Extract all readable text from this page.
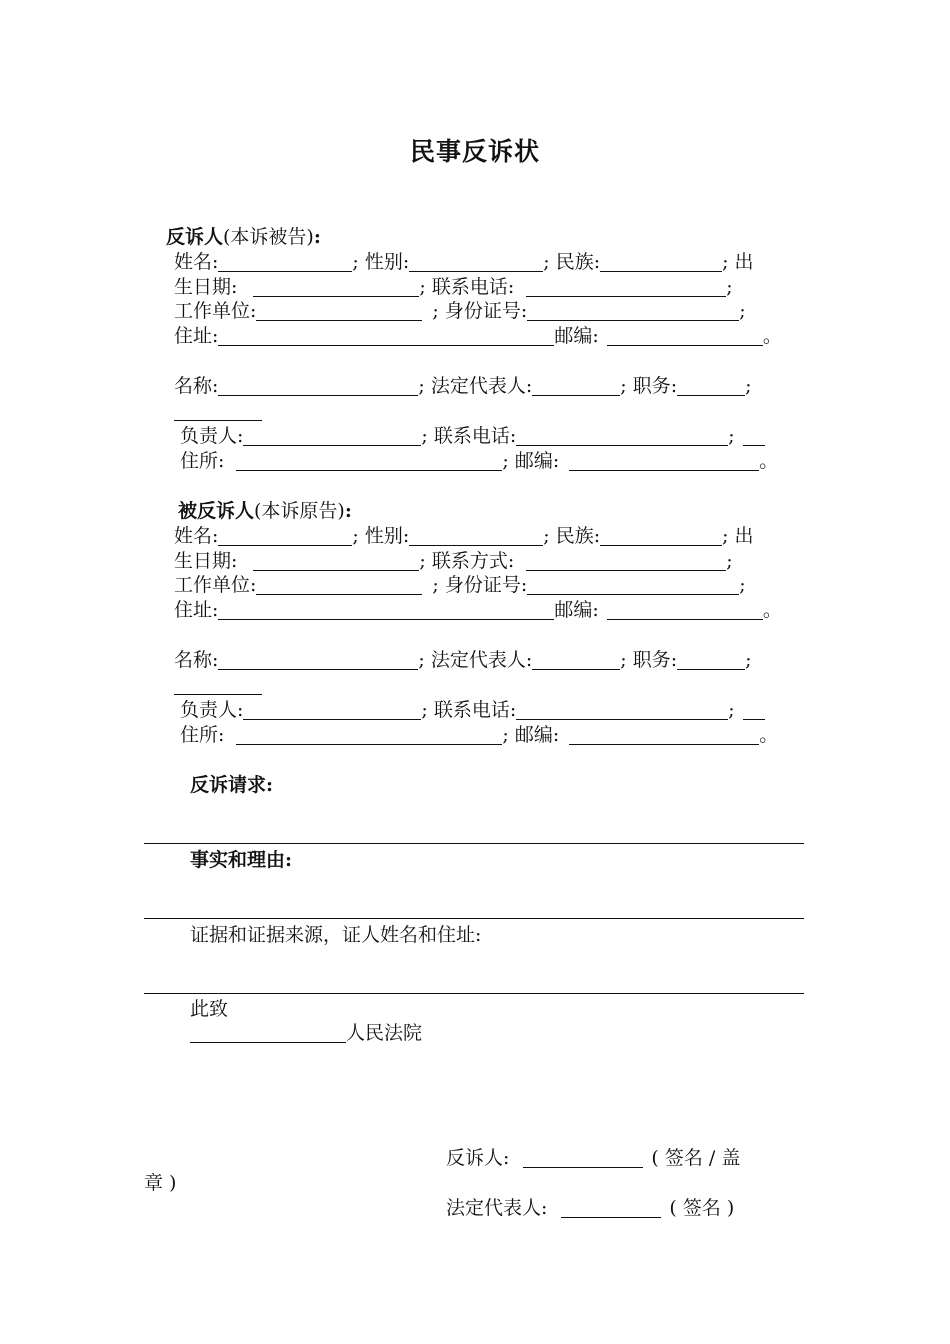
民事反诉状
反诉人(本诉被告):
姓名:	; 性别:	; 民族:	; 出
生日期:	; 联系电话:	;
工作单位:	; 身份证号:	;
住址:	邮编:	。
名称:	; 法定代表人:	; 职务:	;
负责人:	; 联系电话:	;
住所:	; 邮编:	。
被反诉人(本诉原告):
姓名:	; 性别:	; 民族:	; 出
生日期:	; 联系方式:	;
工作单位:	; 身份证号:	;
住址:	邮编:	。
名称:	; 法定代表人:	; 职务:	;
负责人:	; 联系电话:	;
住所:	; 邮编:	。
反诉请求:
事实和理由:
证据和证据来源，证人姓名和住址:
此致
人民法院
反诉人:	( 签名 / 盖
章 )
法定代表人:	( 签名 )
